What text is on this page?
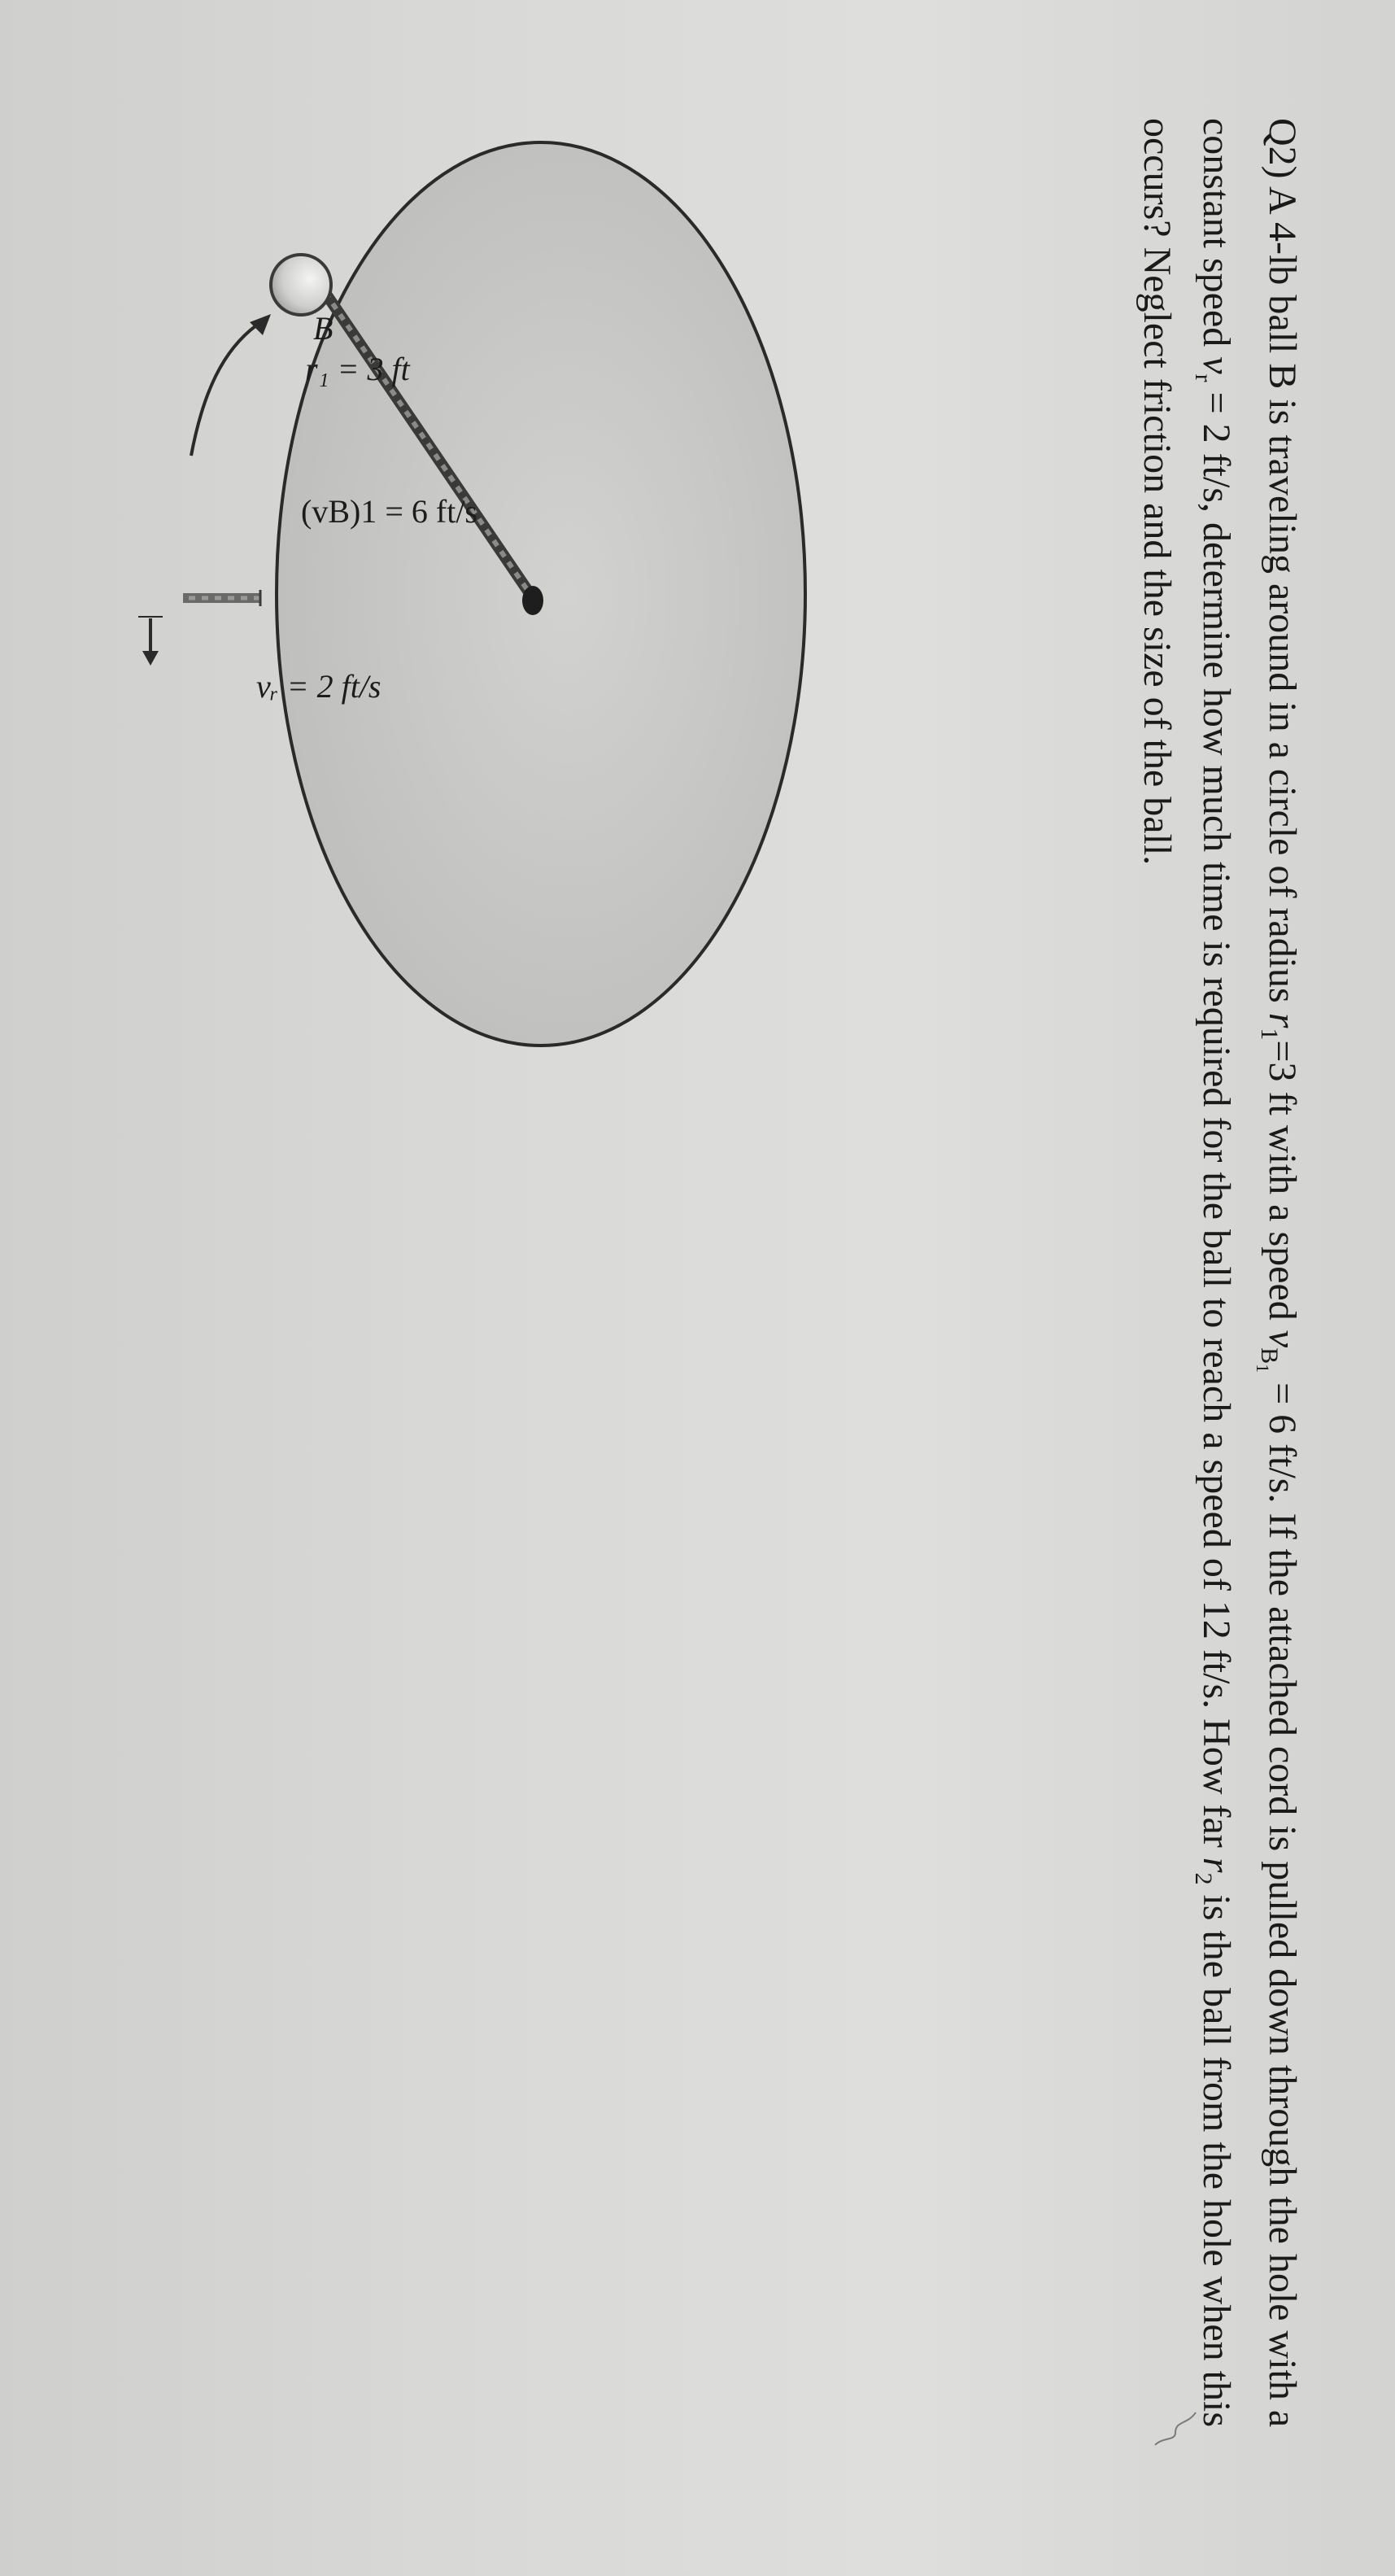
Q2) A 4-lb ball B is traveling around in a circle of radius $r_1=3$ ft with a speed $v_{B_1} = 6$ ft/s. If the attached cord is pulled down through the hole with a constant speed $v_r = 2$ ft/s, determine how much time is required for the ball to reach a speed of 12 ft/s. How far $r_2$ is the ball from the hole when this occurs? Neglect friction and the size of the ball.

B
r₁ = 3 ft
(vB)1 = 6 ft/s
vᵣ = 2 ft/s
